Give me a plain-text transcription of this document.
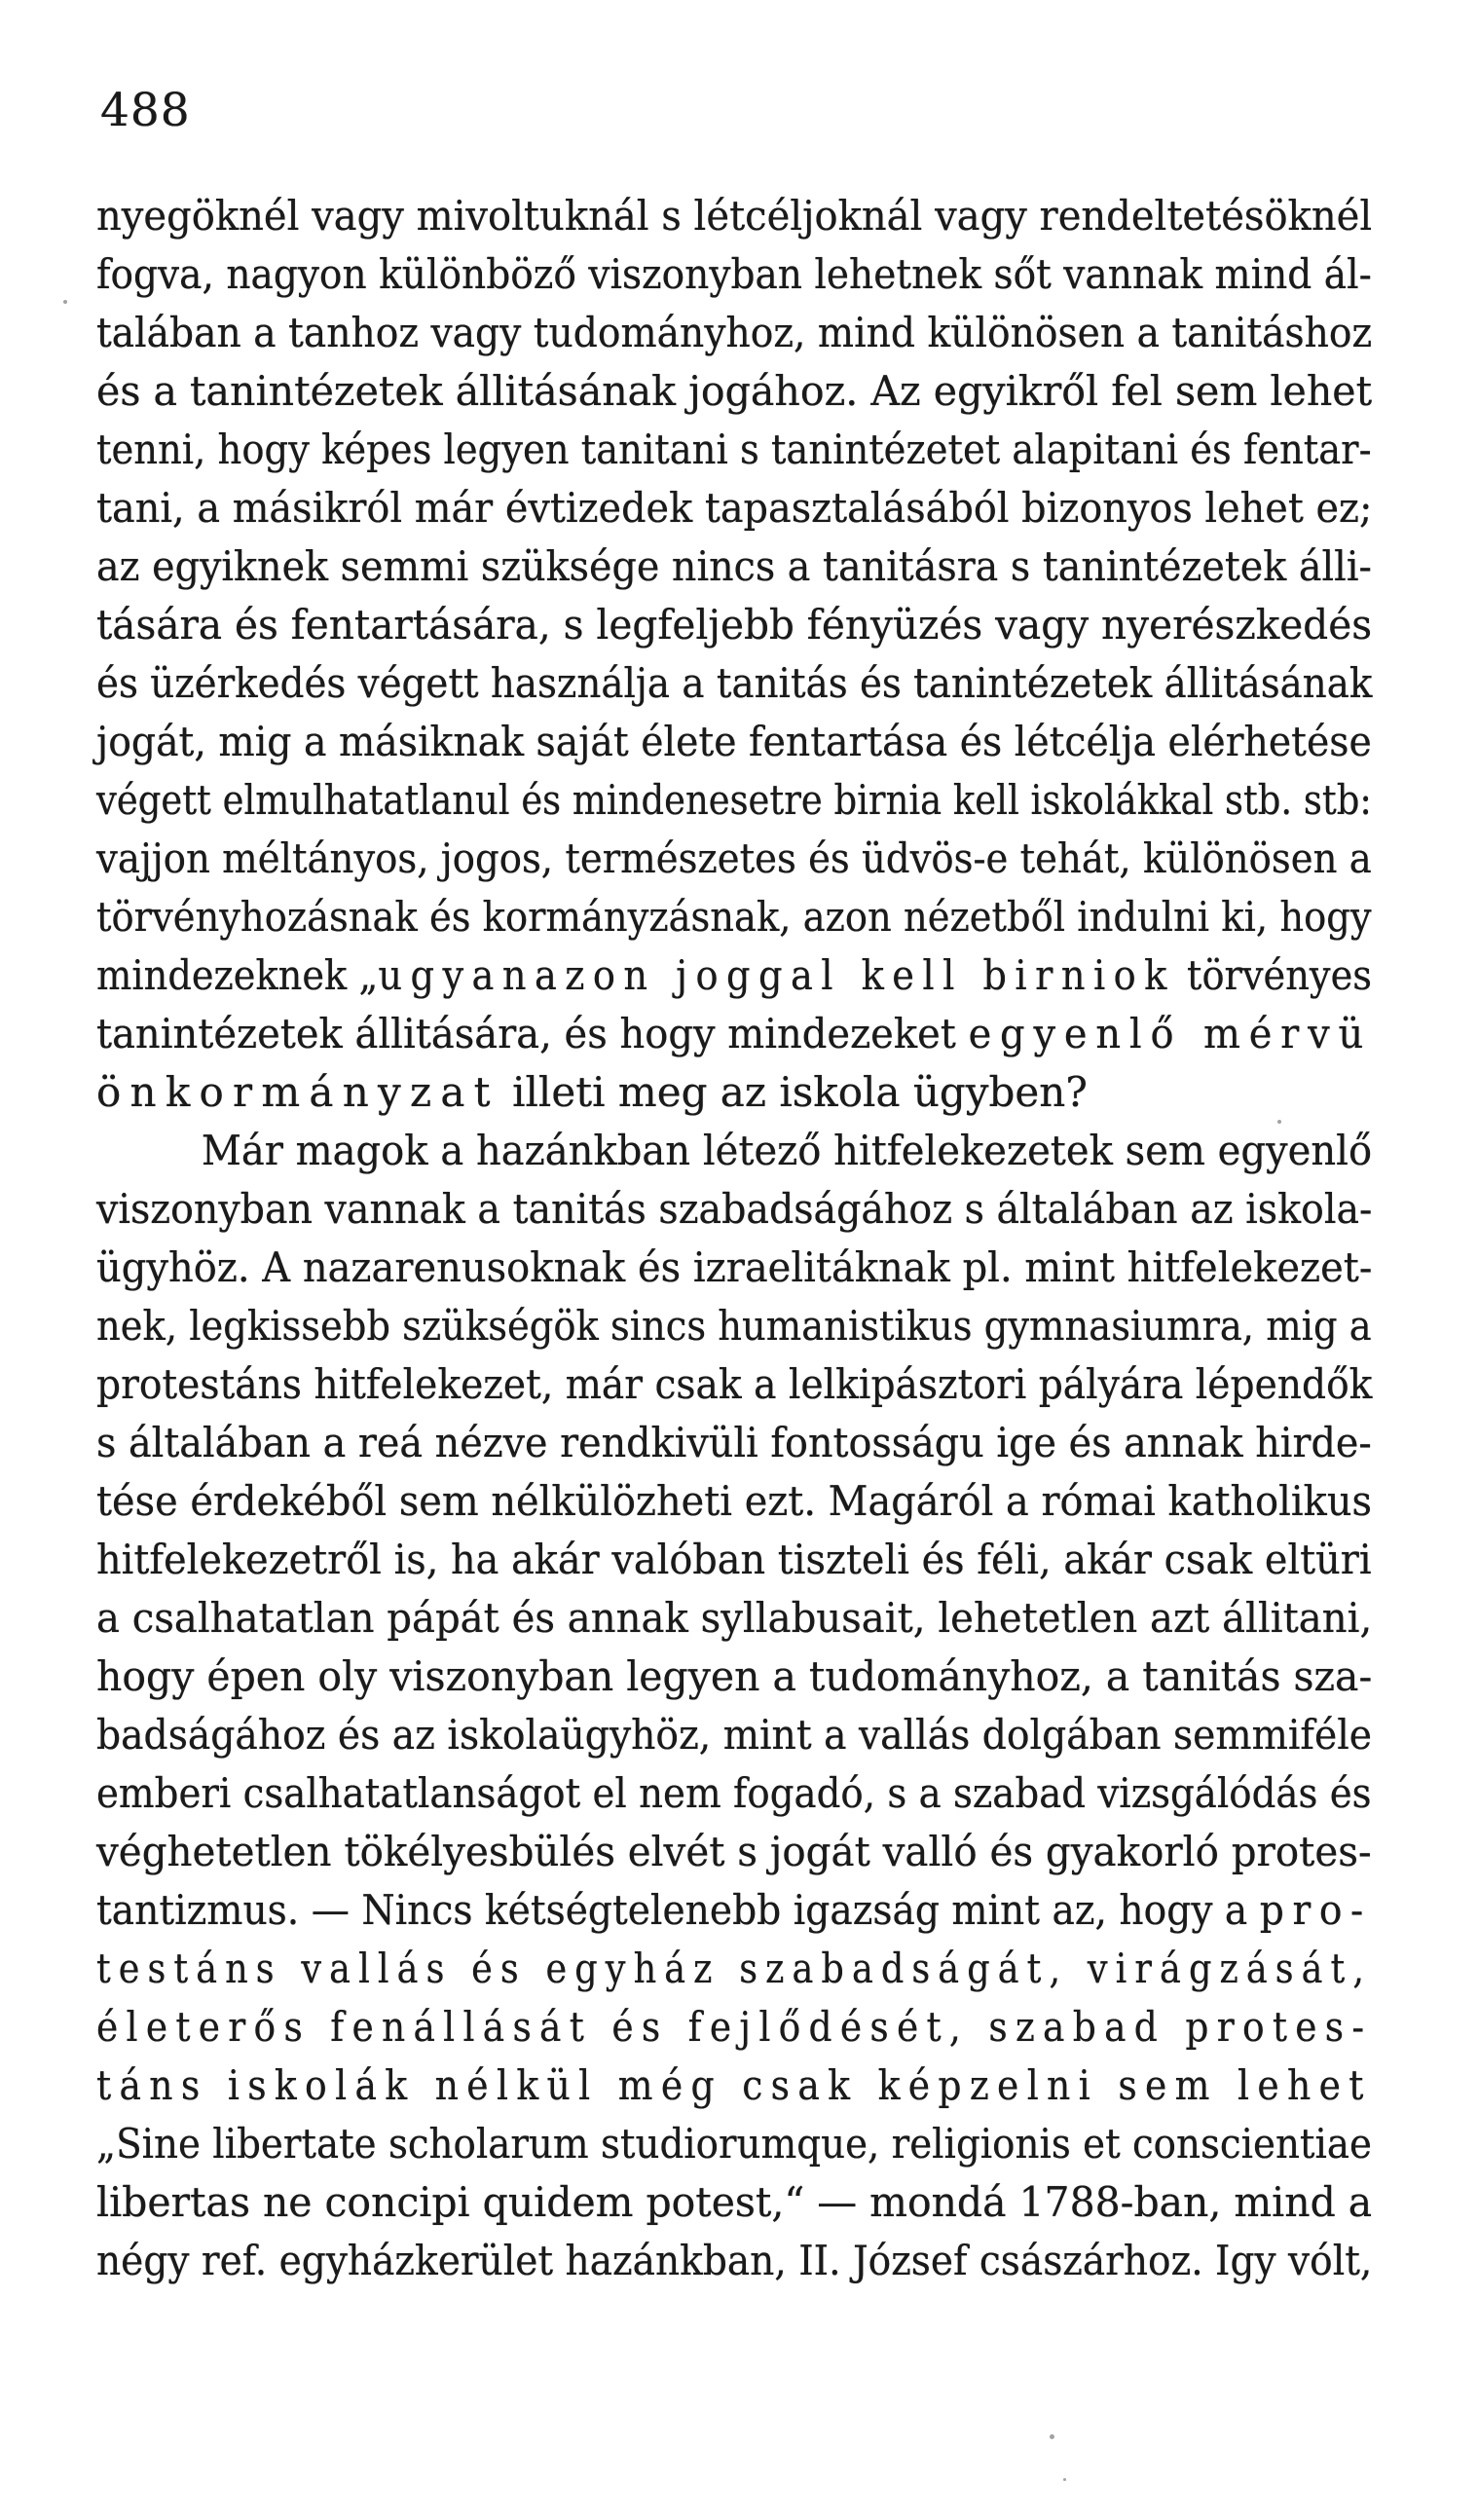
488
nyegöknél vagy mivoltuknál s létcéljoknál vagy rendeltetésöknél
fogva, nagyon különböző viszonyban lehetnek sőt vannak mind ál-
talában a tanhoz vagy tudományhoz, mind különösen a tanitáshoz
és a tanintézetek állitásának jogához. Az egyikről fel sem lehet
tenni, hogy képes legyen tanitani s tanintézetet alapitani és fentar-
tani, a másikról már évtizedek tapasztalásából bizonyos lehet ez;
az egyiknek semmi szüksége nincs a tanitásra s tanintézetek álli-
tására és fentartására, s legfeljebb fényüzés vagy nyerészkedés
és üzérkedés végett használja a tanitás és tanintézetek állitásának
jogát, mig a másiknak saját élete fentartása és létcélja elérhetése
végett elmulhatatlanul és mindenesetre birnia kell iskolákkal stb. stb:
vajjon méltányos, jogos, természetes és üdvös-e tehát, különösen a
törvényhozásnak és kormányzásnak, azon nézetből indulni ki, hogy
mindezeknek „ugyanazon joggal kell birniok törvényes
tanintézetek állitására, és hogy mindezeket egyenlő mérvü
önkormányzat illeti meg az iskola ügyben?
Már magok a hazánkban létező hitfelekezetek sem egyenlő
viszonyban vannak a tanitás szabadságához s általában az iskola-
ügyhöz. A nazarenusoknak és izraelitáknak pl. mint hitfelekezet-
nek, legkissebb szükségök sincs humanistikus gymnasiumra, mig a
protestáns hitfelekezet, már csak a lelkipásztori pályára lépendők
s általában a reá nézve rendkivüli fontosságu ige és annak hirde-
tése érdekéből sem nélkülözheti ezt. Magáról a római katholikus
hitfelekezetről is, ha akár valóban tiszteli és féli, akár csak eltüri
a csalhatatlan pápát és annak syllabusait, lehetetlen azt állitani,
hogy épen oly viszonyban legyen a tudományhoz, a tanitás sza-
badságához és az iskolaügyhöz, mint a vallás dolgában semmiféle
emberi csalhatatlanságot el nem fogadó, s a szabad vizsgálódás és
véghetetlen tökélyesbülés elvét s jogát valló és gyakorló protes-
tantizmus. — Nincs kétségtelenebb igazság mint az, hogy a pro-
testáns vallás és egyház szabadságát, virágzását,
életerős fenállását és fejlődését, szabad protes-
táns iskolák nélkül még csak képzelni sem lehet
„Sine libertate scholarum studiorumque, religionis et conscientiae
libertas ne concipi quidem potest,“ — mondá 1788-ban, mind a
négy ref. egyházkerület hazánkban, II. József császárhoz. Igy vólt,
